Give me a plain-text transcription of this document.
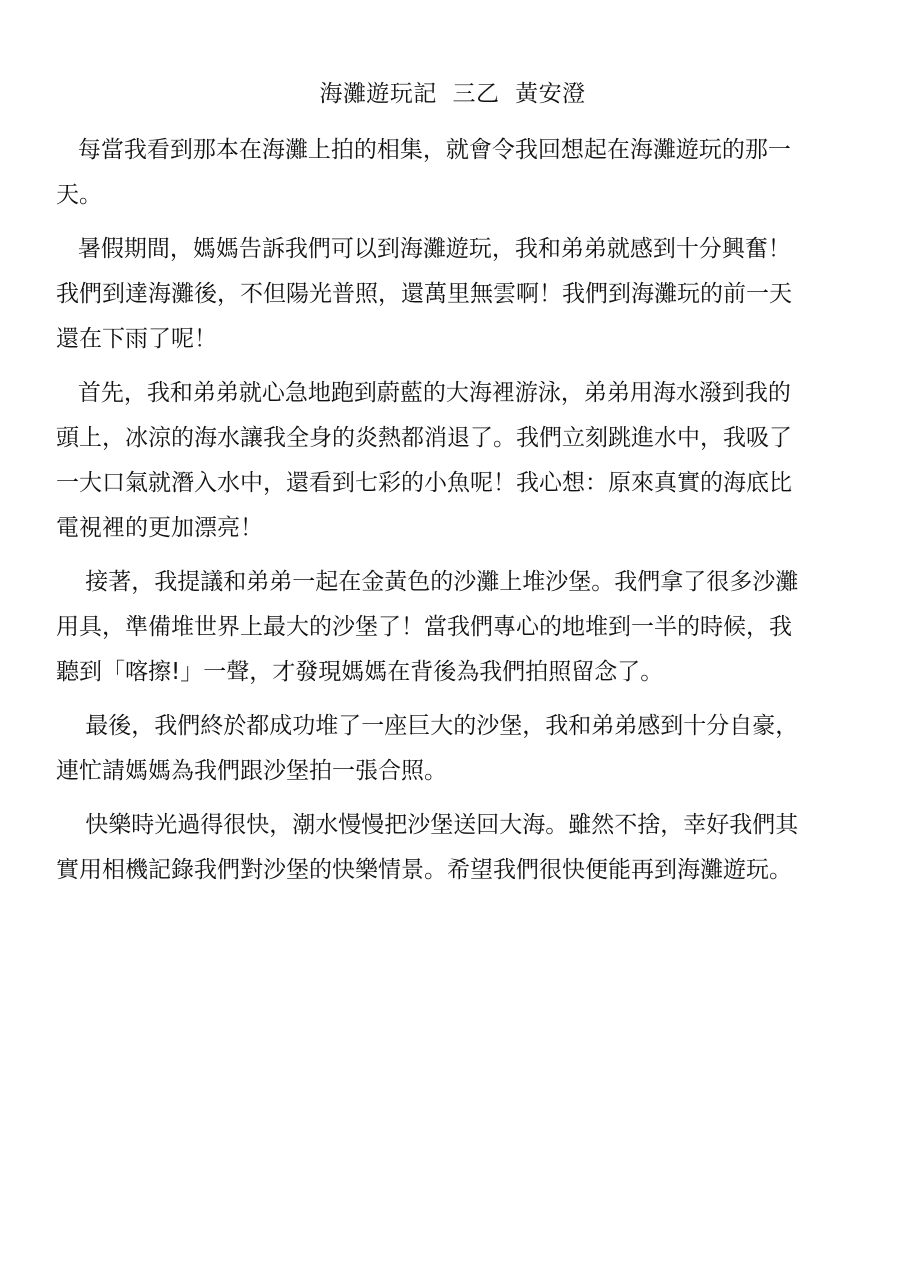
海灘遊玩記  三乙  黃安澄
每當我看到那本在海灘上拍的相集，就會令我回想起在海灘遊玩的那一
天。
暑假期間，媽媽告訴我們可以到海灘遊玩，我和弟弟就感到十分興奮！
我們到達海灘後，不但陽光普照，還萬里無雲啊！我們到海灘玩的前一天
還在下雨了呢！
首先，我和弟弟就心急地跑到蔚藍的大海裡游泳，弟弟用海水潑到我的
頭上，冰涼的海水讓我全身的炎熱都消退了。我們立刻跳進水中，我吸了
一大口氣就潛入水中，還看到七彩的小魚呢！我心想：原來真實的海底比
電視裡的更加漂亮！
接著，我提議和弟弟一起在金黃色的沙灘上堆沙堡。我們拿了很多沙灘
用具，準備堆世界上最大的沙堡了！當我們專心的地堆到一半的時候，我
聽到「喀擦!」一聲，才發現媽媽在背後為我們拍照留念了。
最後，我們終於都成功堆了一座巨大的沙堡，我和弟弟感到十分自豪，
連忙請媽媽為我們跟沙堡拍一張合照。
快樂時光過得很快，潮水慢慢把沙堡送回大海。雖然不捨，幸好我們其
實用相機記錄我們對沙堡的快樂情景。希望我們很快便能再到海灘遊玩。
